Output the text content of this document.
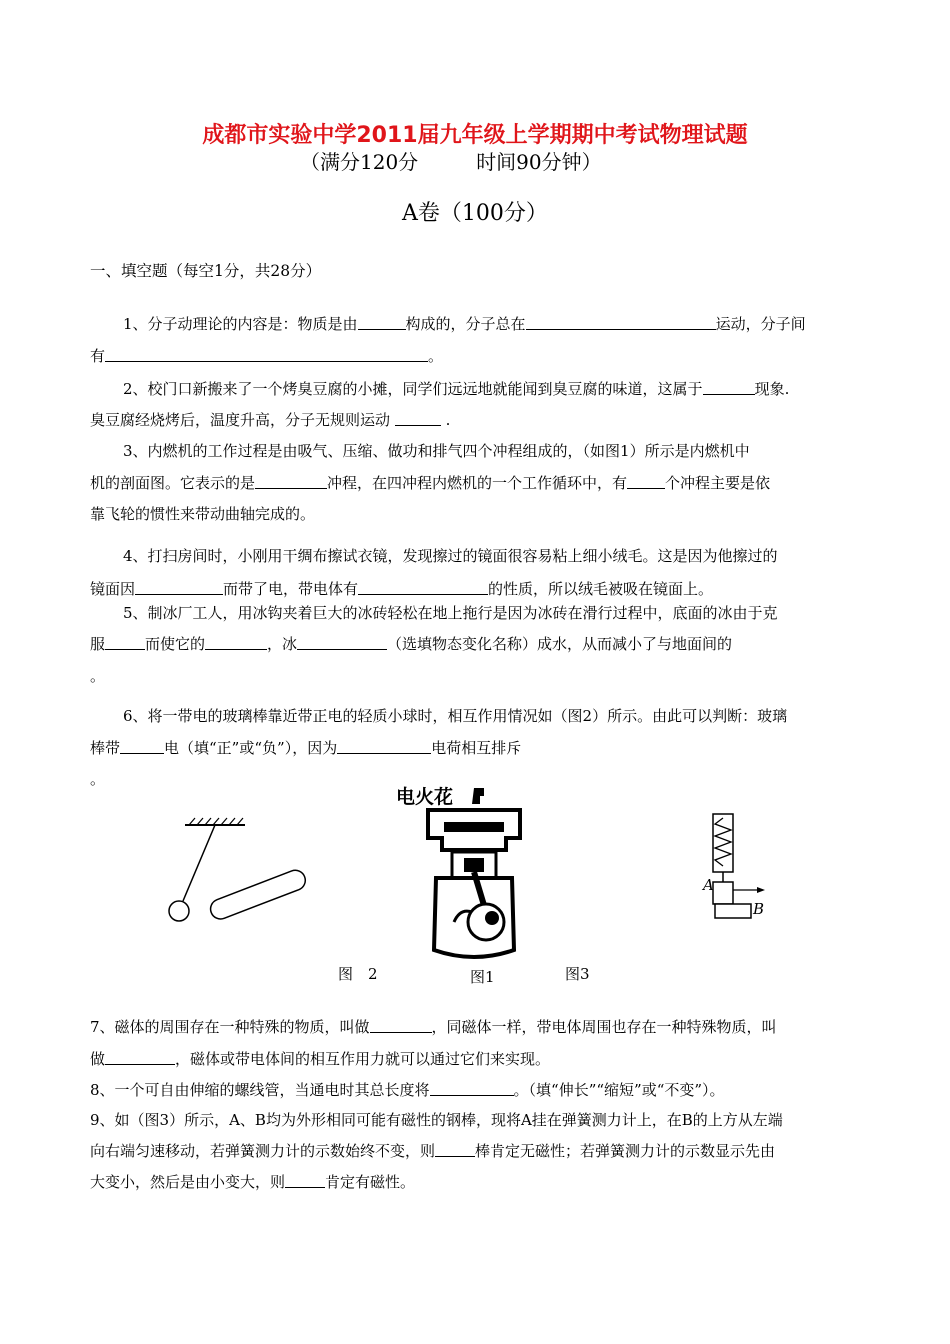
成都市实验中学2011届九年级上学期期中考试物理试题
（满分120分	时间90分钟）
A卷（100分）
一、填空题（每空1分，共28分）
1、分子动理论的内容是：物质是由	构成的，分子总在	运动，分子间
有	。
2、校门口新搬来了一个烤臭豆腐的小摊，同学们远远地就能闻到臭豆腐的味道，这属于	现象.
臭豆腐经烧烤后，温度升高，分子无规则运动	.
3、内燃机的工作过程是由吸气、压缩、做功和排气四个冲程组成的，（如图1）所示是内燃机中
机的剖面图。它表示的是	冲程，在四冲程内燃机的一个工作循环中，有	个冲程主要是依
靠飞轮的惯性来带动曲轴完成的。
4、打扫房间时，小刚用干绸布擦试衣镜，发现擦过的镜面很容易粘上细小绒毛。这是因为他擦过的
镜面因	而带了电，带电体有	的性质，所以绒毛被吸在镜面上。
5、制冰厂工人，用冰钩夹着巨大的冰砖轻松在地上拖行是因为冰砖在滑行过程中，底面的冰由于克
服	而使它的	，冰	（选填物态变化名称）成水，从而减小了与地面间的
。
6、将一带电的玻璃棒靠近带正电的轻质小球时，相互作用情况如（图2）所示。由此可以判断：玻璃
棒带	电（填“正”或“负”），因为	电荷相互排斥
。
电火花
A
B
图　2	图1	图3
7、磁体的周围存在一种特殊的物质，叫做	，同磁体一样，带电体周围也存在一种特殊物质，叫
做	，磁体或带电体间的相互作用力就可以通过它们来实现。
8、一个可自由伸缩的螺线管，当通电时其总长度将	。（填“伸长”“缩短”或“不变”）。
9、如（图3）所示，A、B均为外形相同可能有磁性的钢棒，现将A挂在弹簧测力计上，在B的上方从左端
向右端匀速移动，若弹簧测力计的示数始终不变，则	棒肯定无磁性；若弹簧测力计的示数显示先由
大变小，然后是由小变大，则	肯定有磁性。
